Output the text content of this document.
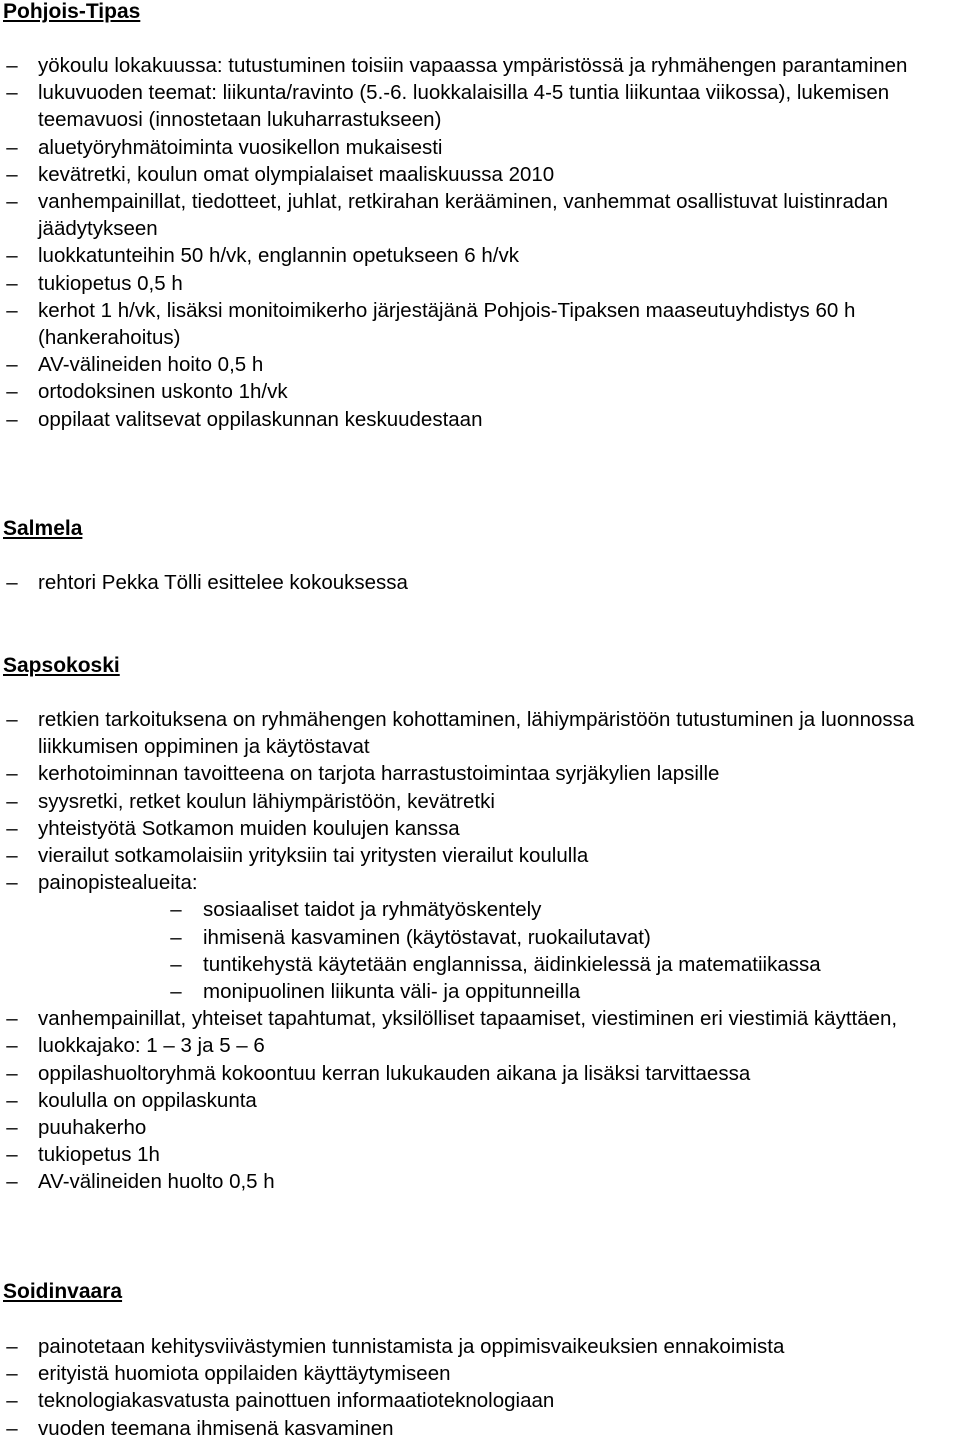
Pohjois-Tipas
– yökoulu lokakuussa: tutustuminen toisiin vapaassa ympäristössä ja ryhmähengen parantaminen
– lukuvuoden teemat: liikunta/ravinto (5.-6. luokkalaisilla 4-5 tuntia liikuntaa viikossa), lukemisen teemavuosi (innostetaan lukuharrastukseen)
– aluetyöryhmätoiminta vuosikellon mukaisesti
– kevätretki, koulun omat olympialaiset maaliskuussa 2010
– vanhempainillat, tiedotteet, juhlat, retkirahan kerääminen, vanhemmat osallistuvat luistinradan jäädytykseen
– luokkatunteihin 50 h/vk, englannin opetukseen 6 h/vk
– tukiopetus 0,5 h
– kerhot 1 h/vk, lisäksi monitoimikerho järjestäjänä Pohjois-Tipaksen maaseutuyhdistys 60 h (hankerahoitus)
– AV-välineiden hoito 0,5 h
– ortodoksinen uskonto 1h/vk
– oppilaat valitsevat oppilaskunnan keskuudestaan
Salmela
– rehtori Pekka Tölli esittelee kokouksessa
Sapsokoski
– retkien tarkoituksena on ryhmähengen kohottaminen, lähiympäristöön tutustuminen ja luonnossa liikkumisen oppiminen ja käytöstavat
– kerhotoiminnan tavoitteena on tarjota harrastustoimintaa syrjäkylien lapsille
– syysretki, retket koulun lähiympäristöön, kevätretki
– yhteistyötä Sotkamon muiden koulujen kanssa
– vierailut sotkamolaisiin yrityksiin tai yritysten vierailut koululla
– painopistealueita:
–	sosiaaliset taidot ja ryhmätyöskentely
–	ihmisenä kasvaminen (käytöstavat, ruokailutavat)
–	tuntikehystä käytetään englannissa, äidinkielessä ja matematiikassa
–	monipuolinen liikunta väli- ja oppitunneilla
– vanhempainillat, yhteiset tapahtumat, yksilölliset tapaamiset, viestiminen eri viestimiä käyttäen,
– luokkajako: 1 – 3 ja 5 – 6
– oppilashuoltoryhmä kokoontuu kerran lukukauden aikana ja lisäksi tarvittaessa
– koululla on oppilaskunta
– puuhakerho
– tukiopetus 1h
– AV-välineiden huolto 0,5 h
Soidinvaara
– painotetaan kehitysviivästymien tunnistamista ja oppimisvaikeuksien ennakoimista
– erityistä huomiota oppilaiden käyttäytymiseen
– teknologiakasvatusta painottuen informaatioteknologiaan
– vuoden teemana ihmisenä kasvaminen
